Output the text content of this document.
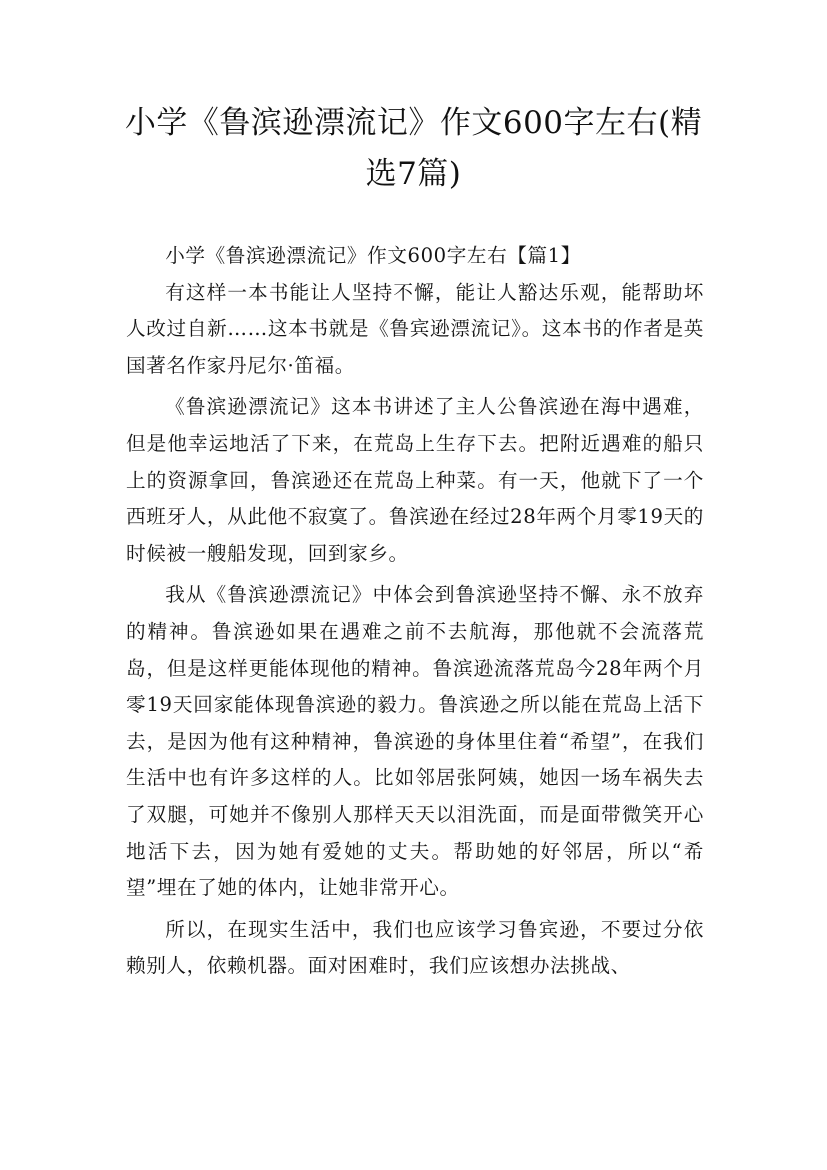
小学《鲁滨逊漂流记》作文600字左右(精选7篇)

小学《鲁滨逊漂流记》作文600字左右【篇1】

有这样一本书能让人坚持不懈，能让人豁达乐观，能帮助坏人改过自新……这本书就是《鲁宾逊漂流记》。这本书的作者是英国著名作家丹尼尔·笛福。

《鲁滨逊漂流记》这本书讲述了主人公鲁滨逊在海中遇难，但是他幸运地活了下来，在荒岛上生存下去。把附近遇难的船只上的资源拿回，鲁滨逊还在荒岛上种菜。有一天，他就下了一个西班牙人，从此他不寂寞了。鲁滨逊在经过28年两个月零19天的时候被一艘船发现，回到家乡。

我从《鲁滨逊漂流记》中体会到鲁滨逊坚持不懈、永不放弃的精神。鲁滨逊如果在遇难之前不去航海，那他就不会流落荒岛，但是这样更能体现他的精神。鲁滨逊流落荒岛今28年两个月零19天回家能体现鲁滨逊的毅力。鲁滨逊之所以能在荒岛上活下去，是因为他有这种精神，鲁滨逊的身体里住着“希望”，在我们生活中也有许多这样的人。比如邻居张阿姨，她因一场车祸失去了双腿，可她并不像别人那样天天以泪洗面，而是面带微笑开心地活下去，因为她有爱她的丈夫。帮助她的好邻居，所以“希望”埋在了她的体内，让她非常开心。

所以，在现实生活中，我们也应该学习鲁宾逊，不要过分依赖别人，依赖机器。面对困难时，我们应该想办法挑战、
